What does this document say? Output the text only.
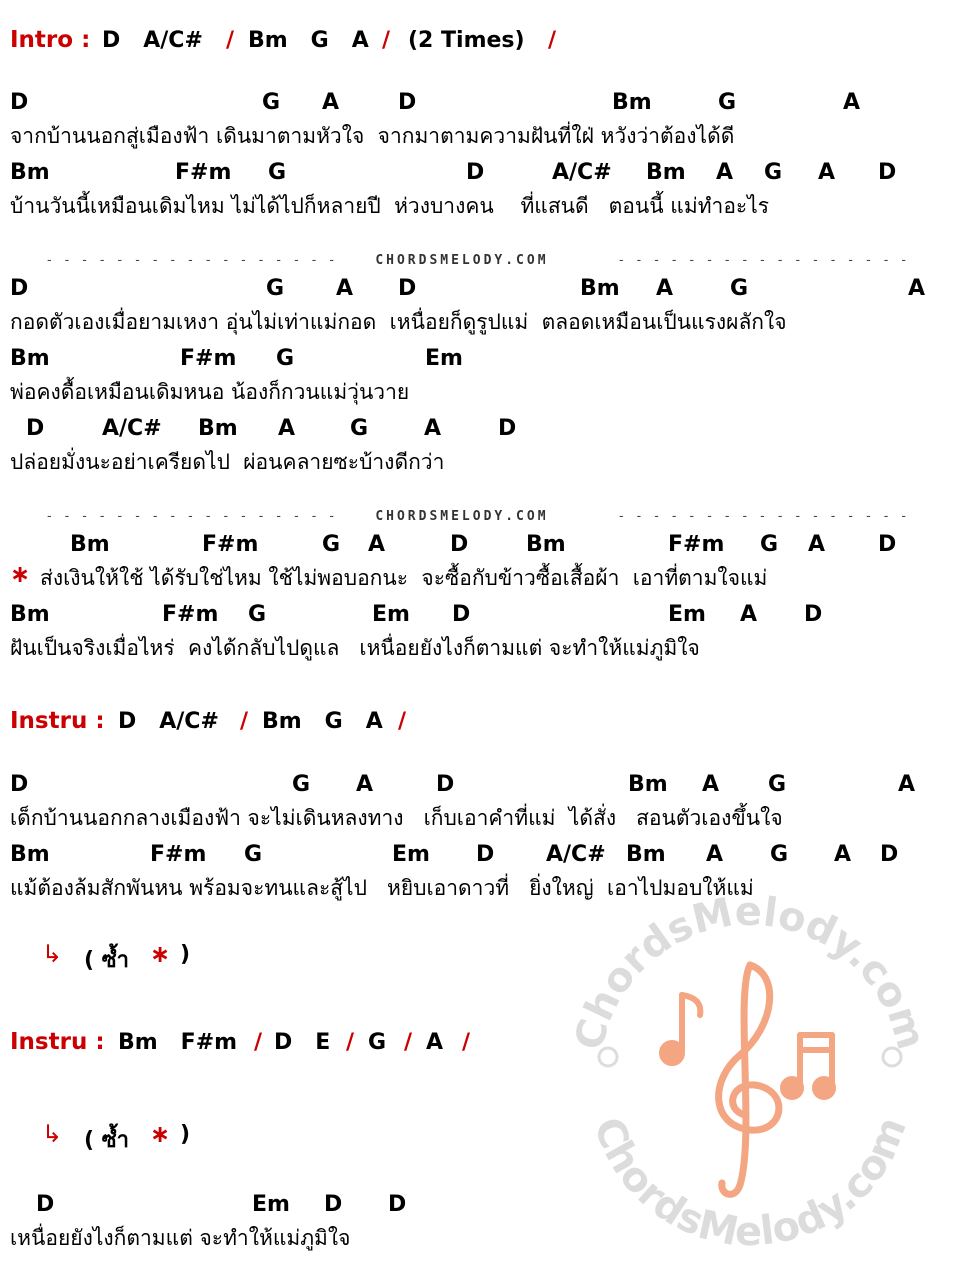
Intro : D   A/C# / Bm   G   A / (2 Times) /
D	G A	D	Bm	G	A
จากบ้านนอกสู่เมืองฟ้า เดินมาตามหัวใจ  จากมาตามความฝันที่ใฝ่ หวังว่าต้องได้ดี
Bm	F#m G	D	A/C# Bm A G A D
บ้านวันนี้เหมือนเดิมไหม ไม่ได้ไปก็หลายปี  ห่วงบางคน    ที่แสนดี   ตอนนี้ แม่ทำอะไร

- - - - - - - - - - - - - - - - -
	CHORDSMELODY.COM
	- - - - - - - - - - - - - - - - -

D	G A D	Bm A	G	A
กอดตัวเองเมื่อยามเหงา อุ่นไม่เท่าแม่กอด  เหนื่อยก็ดูรูปแม่  ตลอดเหมือนเป็นแรงผลักใจ
Bm	F#m G	Em
พ่อคงดื้อเหมือนเดิมหนอ น้องก็กวนแม่วุ่นวาย
D	A/C# Bm A G	A	D
ปล่อยมั่งนะอย่าเครียดไป  ผ่อนคลายซะบ้างดีกว่า

- - - - - - - - - - - - - - - - -
	CHORDSMELODY.COM
	- - - - - - - - - - - - - - - - -

Bm	F#m	G A	D	Bm	F#m G A D
∗ ส่งเงินให้ใช้ ได้รับใช่ไหม ใช้ไม่พอบอกนะ  จะซื้อกับข้าวซื้อเสื้อผ้า  เอาที่ตามใจแม่
Bm	F#m G	Em D	Em A D
ฝันเป็นจริงเมื่อไหร่  คงได้กลับไปดูแล   เหนื่อยยังไงก็ตามแต่ จะทำให้แม่ภูมิใจ
Instru : D   A/C# / Bm   G   A /
D	G A	D	Bm A G	A
เด็กบ้านนอกกลางเมืองฟ้า จะไม่เดินหลงทาง   เก็บเอาคำที่แม่  ได้สั่ง   สอนตัวเองขึ้นใจ
Bm	F#m G	Em D A/C# Bm A G A D
แม้ต้องล้มสักพันหน พร้อมจะทนและสู้ไป   หยิบเอาดาวที่   ยิ่งใหญ่  เอาไปมอบให้แม่
↳ ( ซ้ำ ∗ )
Instru : Bm   F#m / D   E / G / A /
↳ ( ซ้ำ ∗ )
D	Em D D
เหนื่อยยังไงก็ตามแต่ จะทำให้แม่ภูมิใจ
ChordsMelody.com
ChordsMelody.com
